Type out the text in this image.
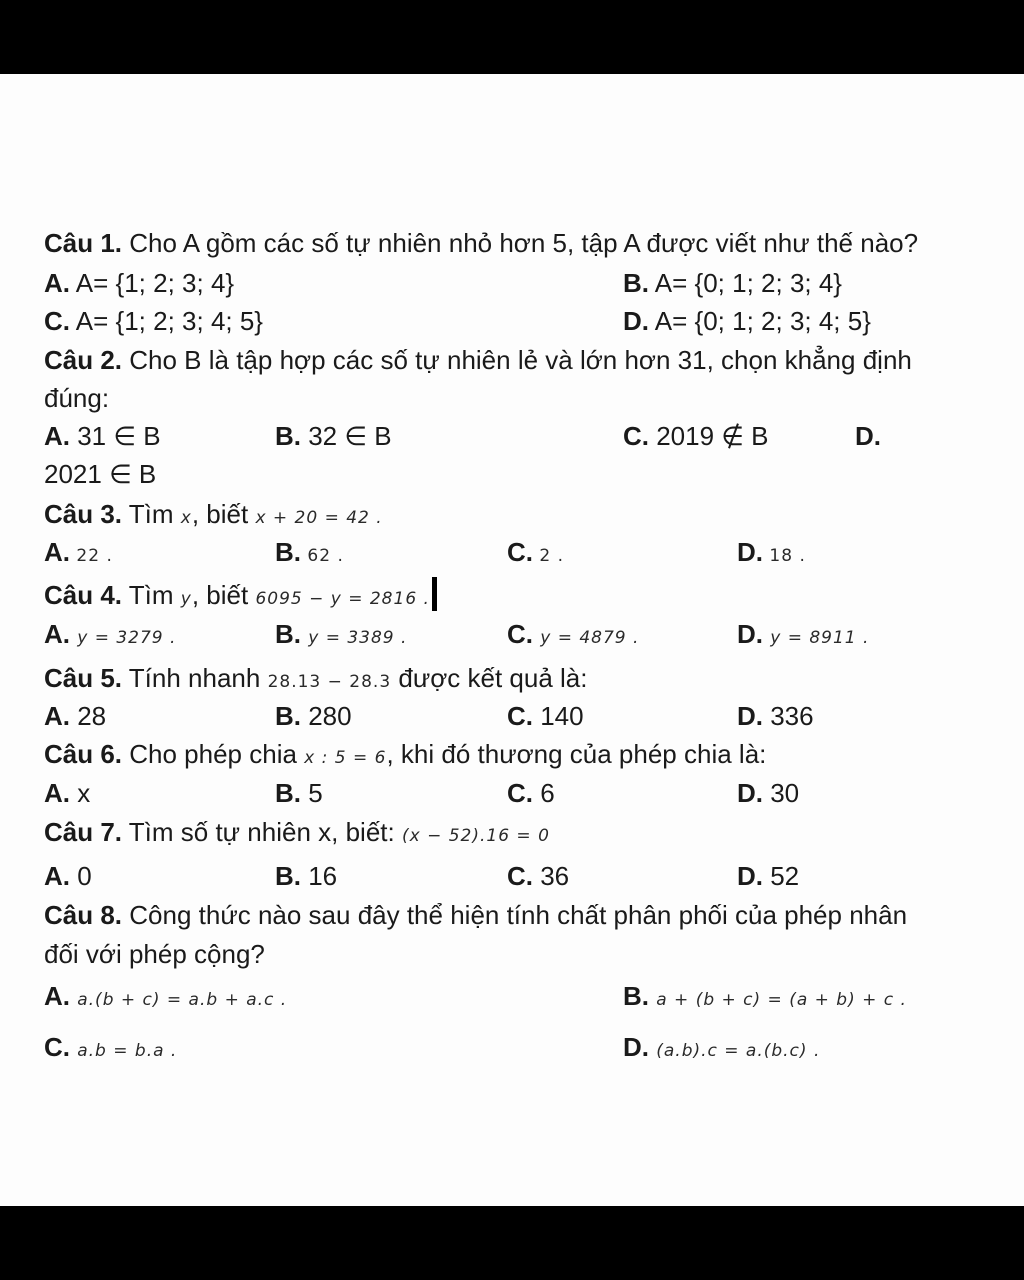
Câu 1. Cho A gồm các số tự nhiên nhỏ hơn 5, tập A được viết như thế nào?
A. A= {1; 2; 3; 4}	B. A= {0; 1; 2; 3; 4}
C. A= {1; 2; 3; 4; 5}	D. A= {0; 1; 2; 3; 4; 5}
Câu 2. Cho B là tập hợp các số tự nhiên lẻ và lớn hơn 31, chọn khẳng định
đúng:
A. 31 ∈ B	B. 32 ∈ B	C. 2019 ∉ B	D.
2021 ∈ B
Câu 3. Tìm x, biết x + 20 = 42 .
A. 22 .	B. 62 .	C. 2 .	D. 18 .
Câu 4. Tìm y, biết 6095 − y = 2816 .
A. y = 3279 .	B. y = 3389 .	C. y = 4879 .	D. y = 8911 .
Câu 5. Tính nhanh 28.13 − 28.3 được kết quả là:
A. 28	B. 280	C. 140	D. 336
Câu 6. Cho phép chia x : 5 = 6, khi đó thương của phép chia là:
A. x	B. 5	C. 6	D. 30
Câu 7. Tìm số tự nhiên x, biết: (x − 52).16 = 0
A. 0	B. 16	C. 36	D. 52
Câu 8. Công thức nào sau đây thể hiện tính chất phân phối của phép nhân
đối với phép cộng?
A. a.(b + c) = a.b + a.c .	B. a + (b + c) = (a + b) + c .
C. a.b = b.a .	D. (a.b).c = a.(b.c) .
